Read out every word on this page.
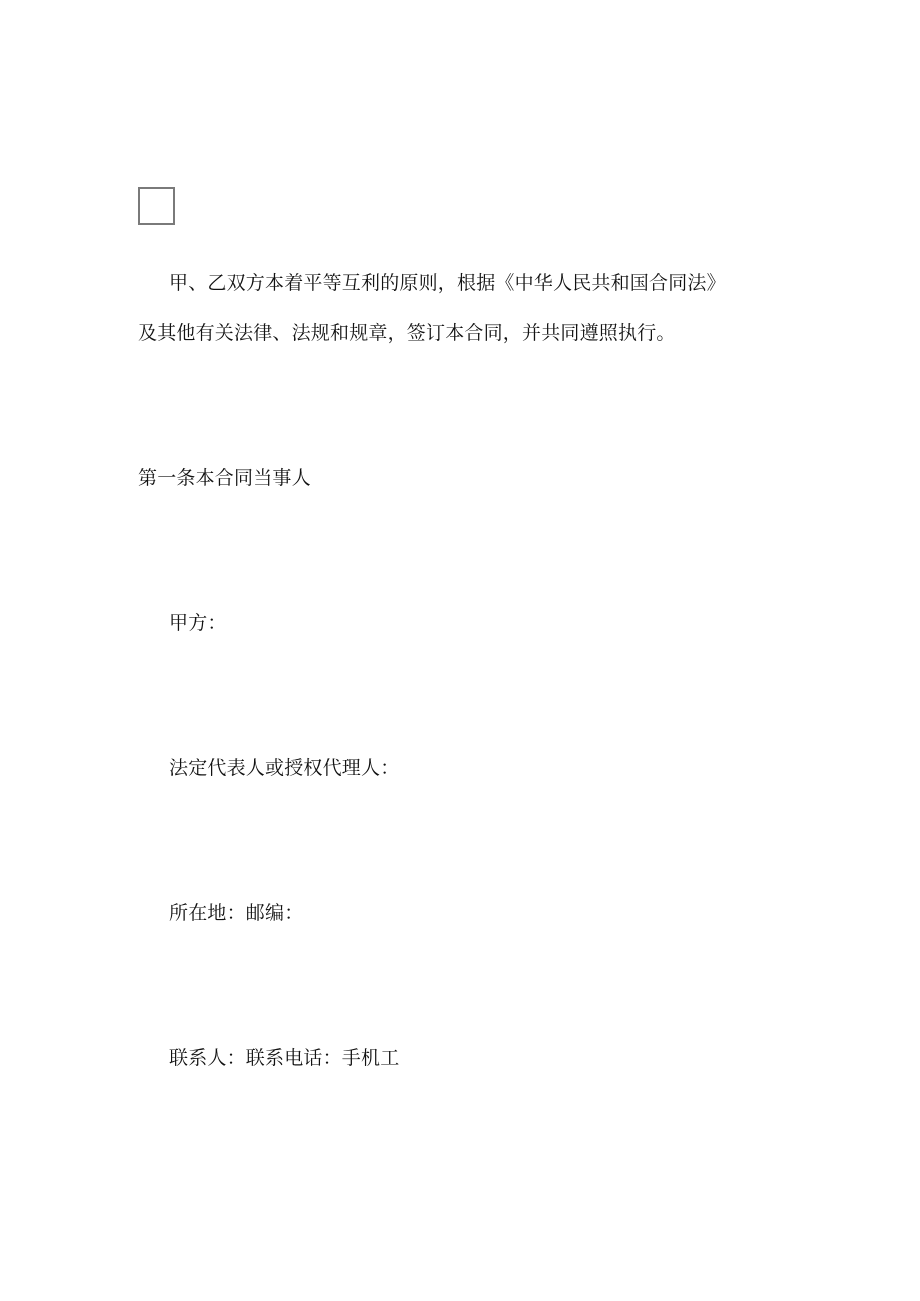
甲、乙双方本着平等互利的原则，根据《中华人民共和国合同法》
及其他有关法律、法规和规章，签订本合同，并共同遵照执行。
第一条本合同当事人
甲方：
法定代表人或授权代理人：
所在地：邮编：
联系人：联系电话：手机工
